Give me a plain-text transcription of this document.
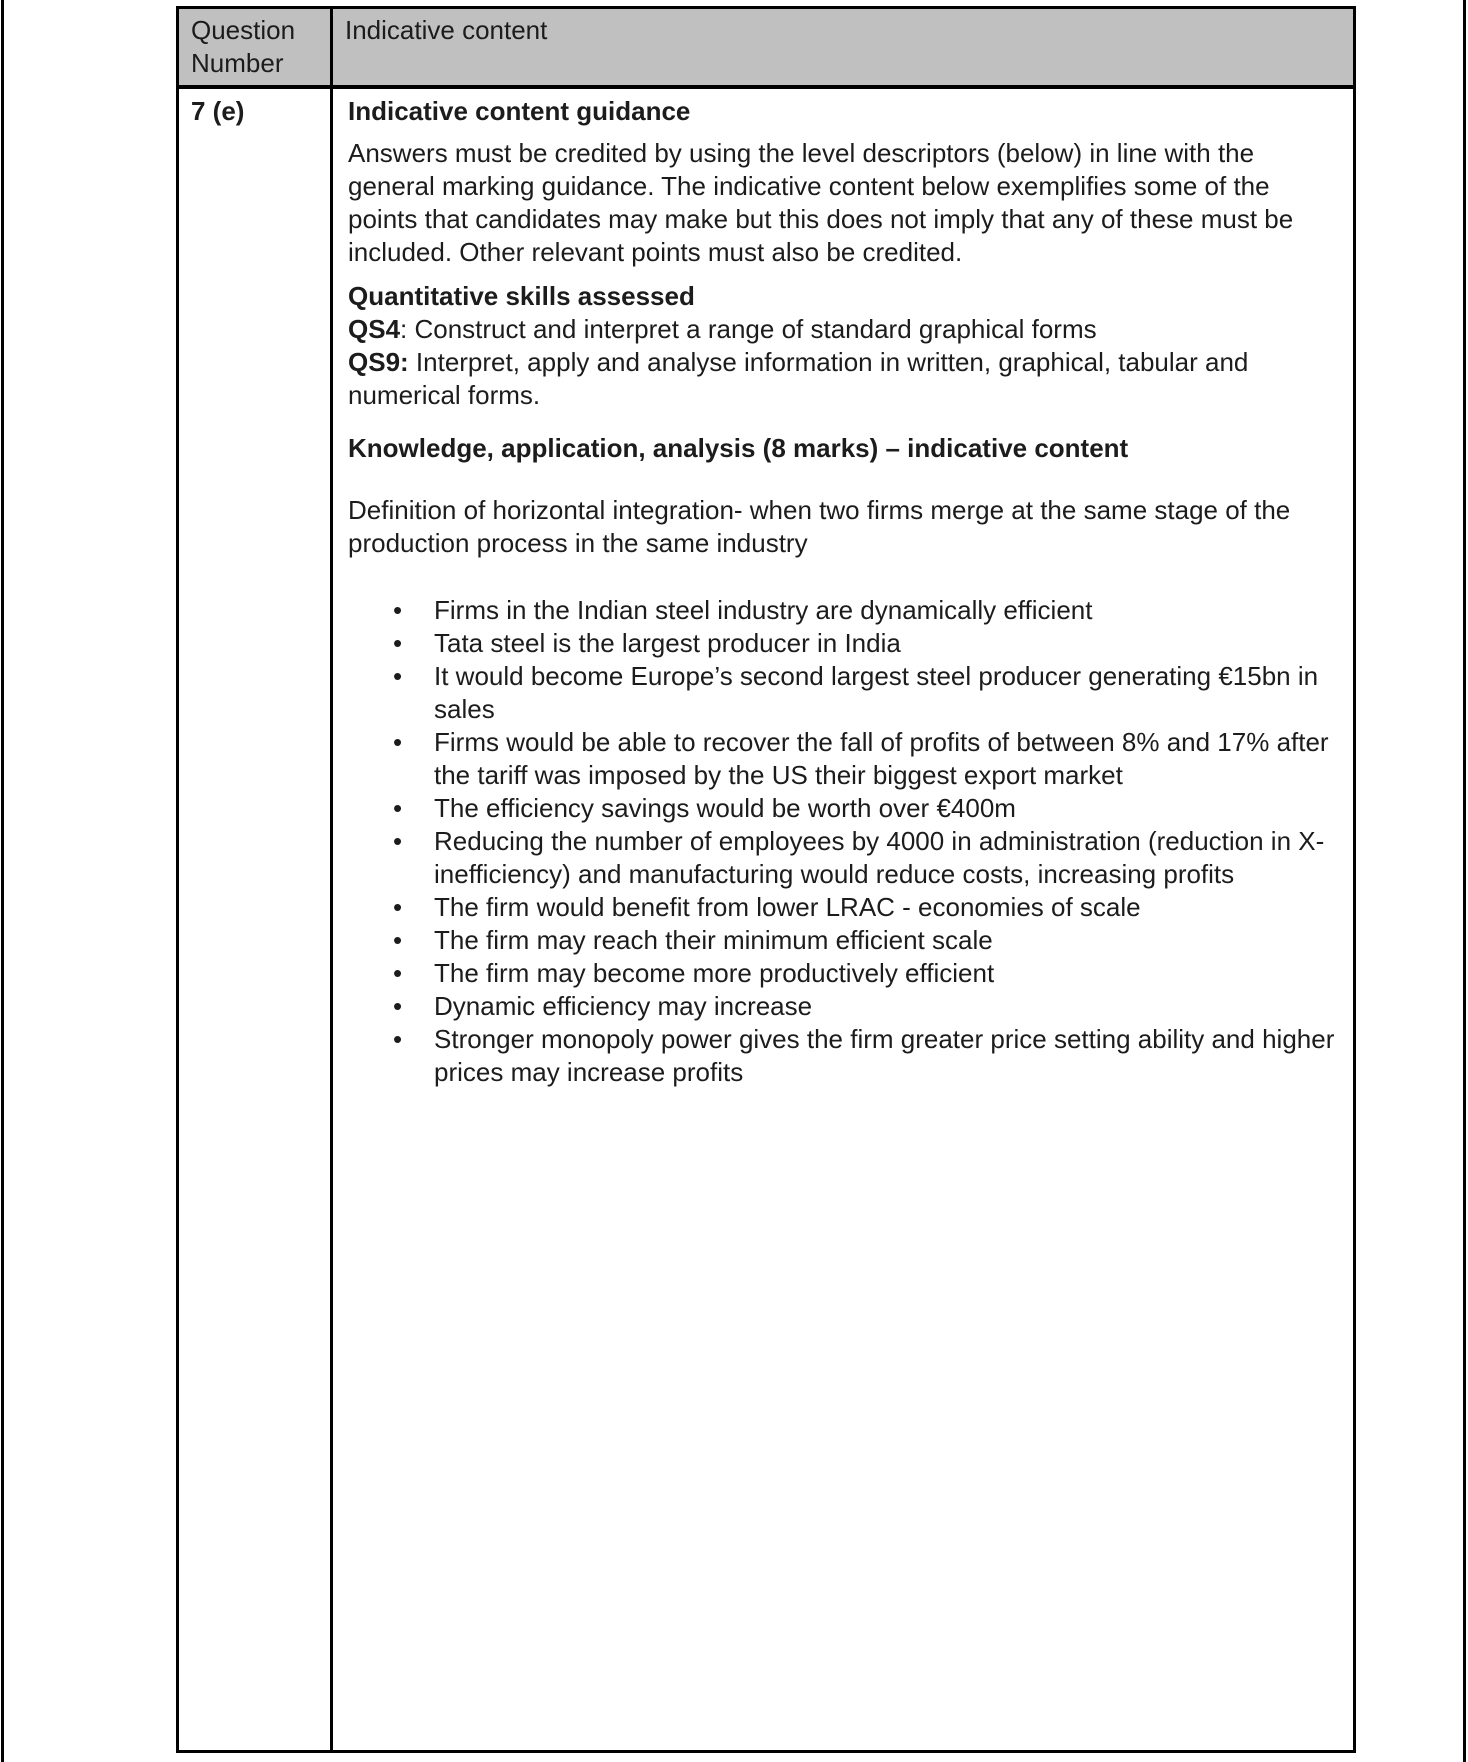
Question Number
Indicative content
7 (e)	Indicative content guidance

Answers must be credited by using the level descriptors (below) in line with the general marking guidance. The indicative content below exemplifies some of the points that candidates may make but this does not imply that any of these must be included. Other relevant points must also be credited.

Quantitative skills assessed

QS4: Construct and interpret a range of standard graphical forms
QS9: Interpret, apply and analyse information in written, graphical, tabular and numerical forms.

Knowledge, application, analysis (8 marks) – indicative content

Definition of horizontal integration- when two firms merge at the same stage of the production process in the same industry

• Firms in the Indian steel industry are dynamically efficient
• Tata steel is the largest producer in India
• It would become Europe’s second largest steel producer generating €15bn in sales
• Firms would be able to recover the fall of profits of between 8% and 17% after the tariff was imposed by the US their biggest export market
• The efficiency savings would be worth over €400m
• Reducing the number of employees by 4000 in administration (reduction in X-inefficiency) and manufacturing would reduce costs, increasing profits
• The firm would benefit from lower LRAC - economies of scale
• The firm may reach their minimum efficient scale
• The firm may become more productively efficient
• Dynamic efficiency may increase
• Stronger monopoly power gives the firm greater price setting ability and higher prices may increase profits
